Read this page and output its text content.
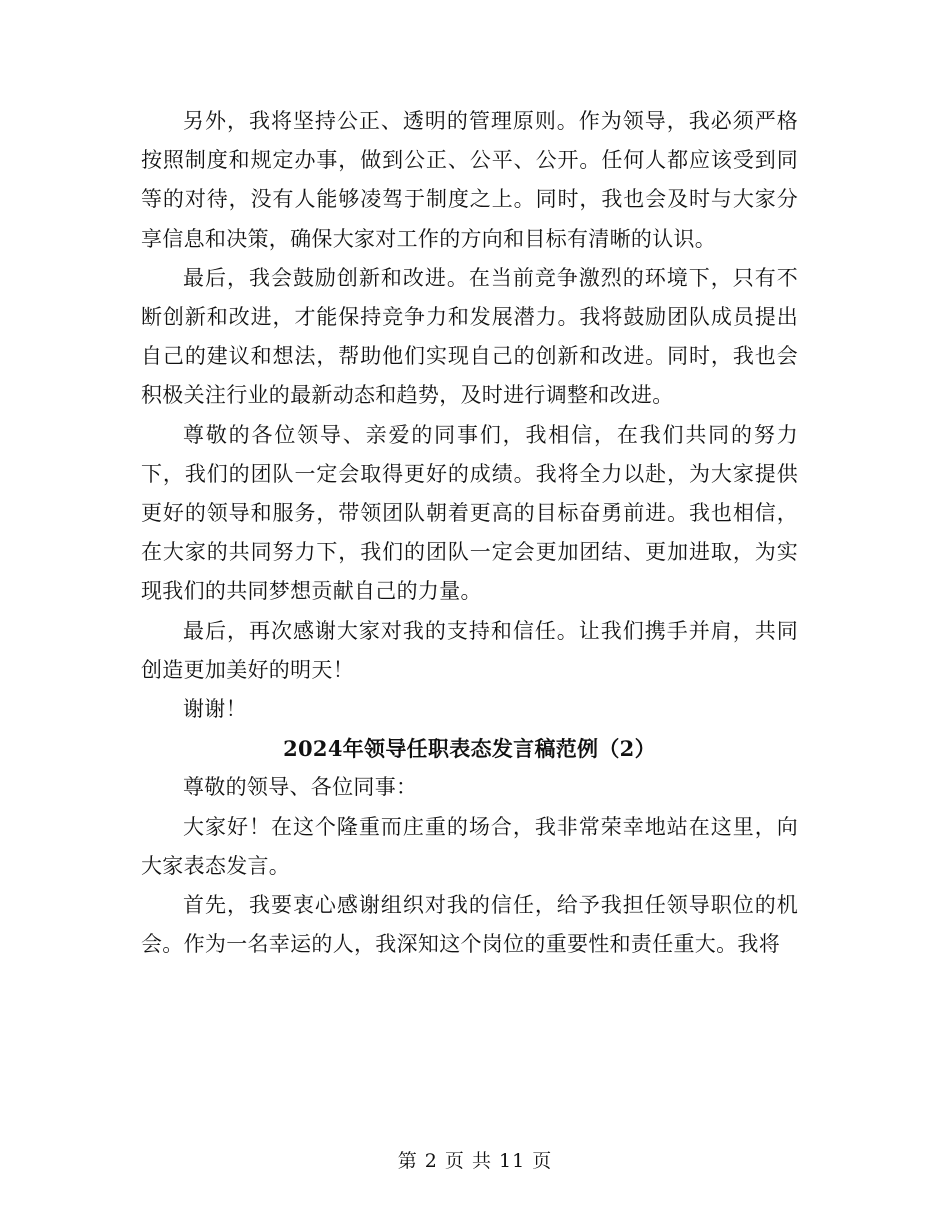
另外，我将坚持公正、透明的管理原则。作为领导，我必须严格按照制度和规定办事，做到公正、公平、公开。任何人都应该受到同等的对待，没有人能够凌驾于制度之上。同时，我也会及时与大家分享信息和决策，确保大家对工作的方向和目标有清晰的认识。

最后，我会鼓励创新和改进。在当前竞争激烈的环境下，只有不断创新和改进，才能保持竞争力和发展潜力。我将鼓励团队成员提出自己的建议和想法，帮助他们实现自己的创新和改进。同时，我也会积极关注行业的最新动态和趋势，及时进行调整和改进。

尊敬的各位领导、亲爱的同事们，我相信，在我们共同的努力下，我们的团队一定会取得更好的成绩。我将全力以赴，为大家提供更好的领导和服务，带领团队朝着更高的目标奋勇前进。我也相信，在大家的共同努力下，我们的团队一定会更加团结、更加进取，为实现我们的共同梦想贡献自己的力量。

最后，再次感谢大家对我的支持和信任。让我们携手并肩，共同创造更加美好的明天！

谢谢！

2024年领导任职表态发言稿范例（2）

尊敬的领导、各位同事：

大家好！在这个隆重而庄重的场合，我非常荣幸地站在这里，向大家表态发言。

首先，我要衷心感谢组织对我的信任，给予我担任领导职位的机会。作为一名幸运的人，我深知这个岗位的重要性和责任重大。我将

第 2 页 共 11 页
